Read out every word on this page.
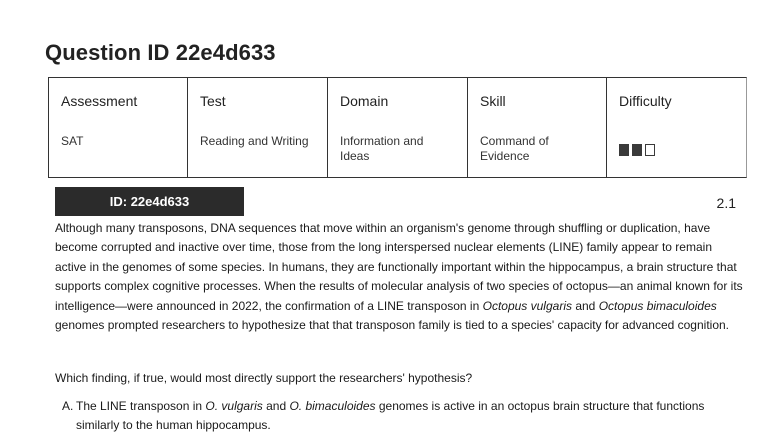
Question ID 22e4d633
Assessment
SAT
Test
Reading and Writing
Domain
Information and Ideas
Skill
Command of Evidence
Difficulty
ID: 22e4d633	2.1

Although many transposons, DNA sequences that move within an organism's genome through shuffling or duplication, have become corrupted and inactive over time, those from the long interspersed nuclear elements (LINE) family appear to remain active in the genomes of some species. In humans, they are functionally important within the hippocampus, a brain structure that supports complex cognitive processes. When the results of molecular analysis of two species of octopus—an animal known for its intelligence—were announced in 2022, the confirmation of a LINE transposon in Octopus vulgaris and Octopus bimaculoides genomes prompted researchers to hypothesize that that transposon family is tied to a species' capacity for advanced cognition.

Which finding, if true, would most directly support the researchers' hypothesis?
A. The LINE transposon in O. vulgaris and O. bimaculoides genomes is active in an octopus brain structure that functions similarly to the human hippocampus.
